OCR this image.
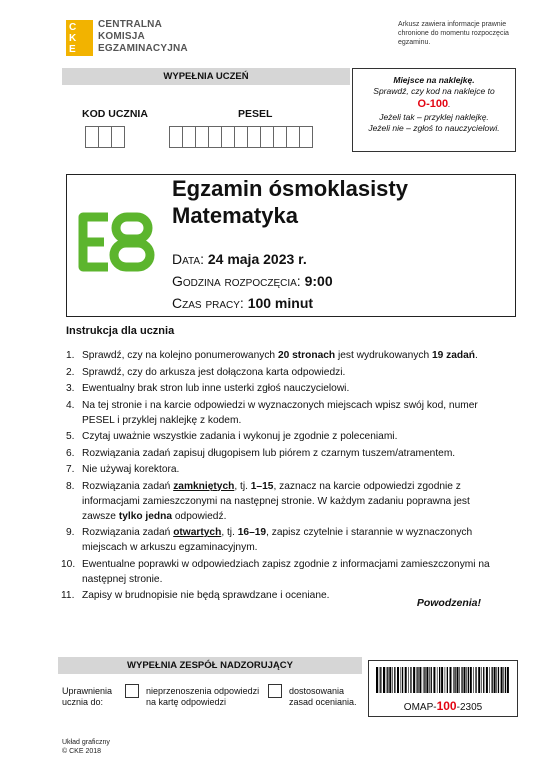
C
K
E
CENTRALNA
KOMISJA
EGZAMINACYJNA
Arkusz zawiera informacje prawnie chronione do momentu rozpoczęcia egzaminu.
WYPEŁNIA UCZEŃ
KOD UCZNIA	PESEL
Miejsce na naklejkę.
Sprawdź, czy kod na naklejce to
O-100.
Jeżeli tak – przyklej naklejkę.
Jeżeli nie – zgłoś to nauczycielowi.
E8
Egzamin ósmoklasisty
Matematyka
Data: 24 maja 2023 r.
Godzina rozpoczęcia: 9:00
Czas pracy: 100 minut
Instrukcja dla ucznia
1. Sprawdź, czy na kolejno ponumerowanych 20 stronach jest wydrukowanych 19 zadań.
2. Sprawdź, czy do arkusza jest dołączona karta odpowiedzi.
3. Ewentualny brak stron lub inne usterki zgłoś nauczycielowi.
4. Na tej stronie i na karcie odpowiedzi w wyznaczonych miejscach wpisz swój kod, numer PESEL i przyklej naklejkę z kodem.
5. Czytaj uważnie wszystkie zadania i wykonuj je zgodnie z poleceniami.
6. Rozwiązania zadań zapisuj długopisem lub piórem z czarnym tuszem/atramentem.
7. Nie używaj korektora.
8. Rozwiązania zadań zamkniętych, tj. 1–15, zaznacz na karcie odpowiedzi zgodnie z informacjami zamieszczonymi na następnej stronie. W każdym zadaniu poprawna jest zawsze tylko jedna odpowiedź.
9. Rozwiązania zadań otwartych, tj. 16–19, zapisz czytelnie i starannie w wyznaczonych miejscach w arkuszu egzaminacyjnym.
10. Ewentualne poprawki w odpowiedziach zapisz zgodnie z informacjami zamieszczonymi na następnej stronie.
11. Zapisy w brudnopisie nie będą sprawdzane i oceniane.
Powodzenia!
WYPEŁNIA ZESPÓŁ NADZORUJĄCY
Uprawnienia ucznia do:
nieprzenoszenia odpowiedzi na kartę odpowiedzi
dostosowania zasad oceniania.	OMAP-100-2305
Układ graficzny
© CKE 2018
